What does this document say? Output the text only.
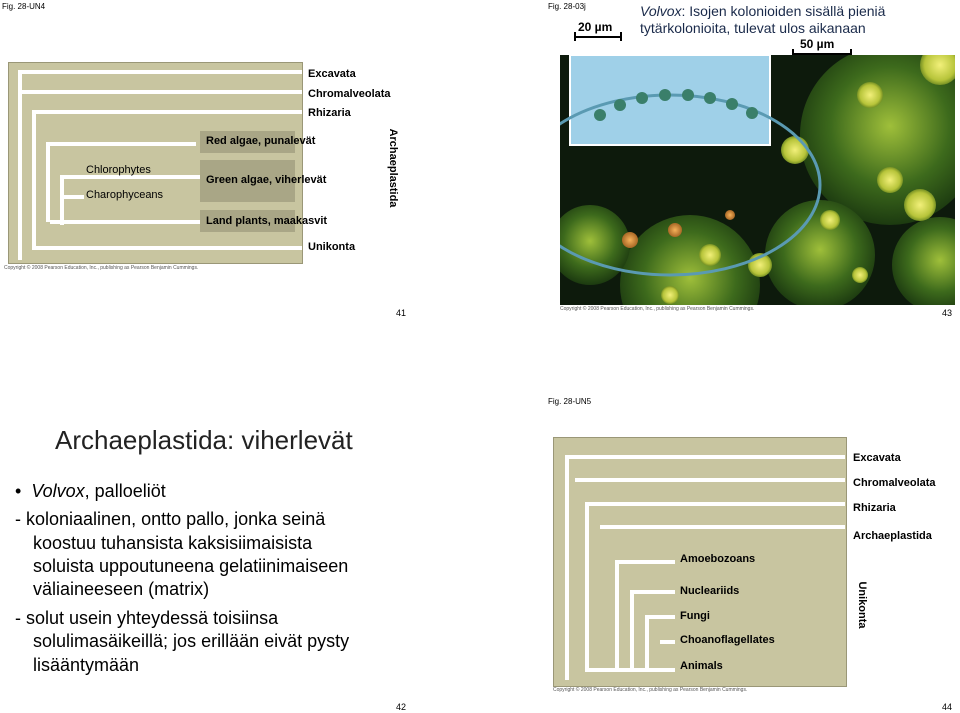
Fig. 28-UN4
Excavata
Chromalveolata
Rhizaria
Red algae, punalevät
Green algae, viherlevät
Land plants, maakasvit
Chlorophytes
Charophyceans	Archaeplastida
Unikonta
Copyright © 2008 Pearson Education, Inc., publishing as Pearson Benjamin Cummings.
41
Fig. 28-03j
20 µm
Volvox: Isojen kolonioiden sisällä pieniä tytärkolonioita, tulevat ulos aikanaan
50 µm
Copyright © 2008 Pearson Education, Inc., publishing as Pearson Benjamin Cummings.	43
Archaeplastida: viherlevät
•  Volvox, palloeliöt
- koloniaalinen, ontto pallo, jonka seinä
koostuu tuhansista kaksisiimaisista
soluista uppoutuneena gelatiinimaiseen
väliaineeseen (matrix)
- solut usein yhteydessä toisiinsa
solulimasäikeillä; jos erillään eivät pysty
lisääntymään
42
Fig. 28-UN5
Excavata
Chromalveolata
Rhizaria
Archaeplastida
Amoebozoans
Nucleariids
Fungi
Choanoflagellates
Animals
Unikonta
Copyright © 2008 Pearson Education, Inc., publishing as Pearson Benjamin Cummings.
44
